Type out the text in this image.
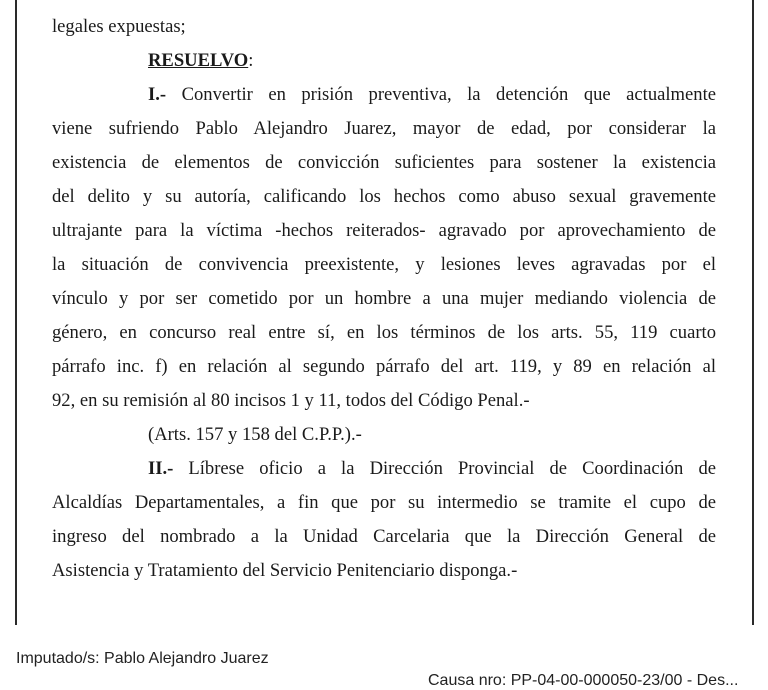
legales expuestas;
RESUELVO:
I.- Convertir en prisión preventiva, la detención que actualmente
viene sufriendo Pablo Alejandro Juarez, mayor de edad, por considerar la
existencia de elementos de convicción suficientes para sostener la existencia
del delito y su autoría, calificando los hechos como abuso sexual gravemente
ultrajante para la víctima -hechos reiterados- agravado por aprovechamiento de
la situación de convivencia preexistente, y lesiones leves agravadas por el
vínculo y por ser cometido por un hombre a una mujer mediando violencia de
género, en concurso real entre sí, en los términos de los arts. 55, 119 cuarto
párrafo inc. f) en relación al segundo párrafo del art. 119, y 89 en relación al
92, en su remisión al 80 incisos 1 y 11, todos del Código Penal.-
(Arts. 157 y 158 del C.P.P.).-
II.- Líbrese oficio a la Dirección Provincial de Coordinación de
Alcaldías Departamentales, a fin que por su intermedio se tramite el cupo de
ingreso del nombrado a la Unidad Carcelaria que la Dirección General de
Asistencia y Tratamiento del Servicio Penitenciario disponga.-
Imputado/s: Pablo Alejandro Juarez
Causa nro: PP-04-00-000050-23/00 - Des...
